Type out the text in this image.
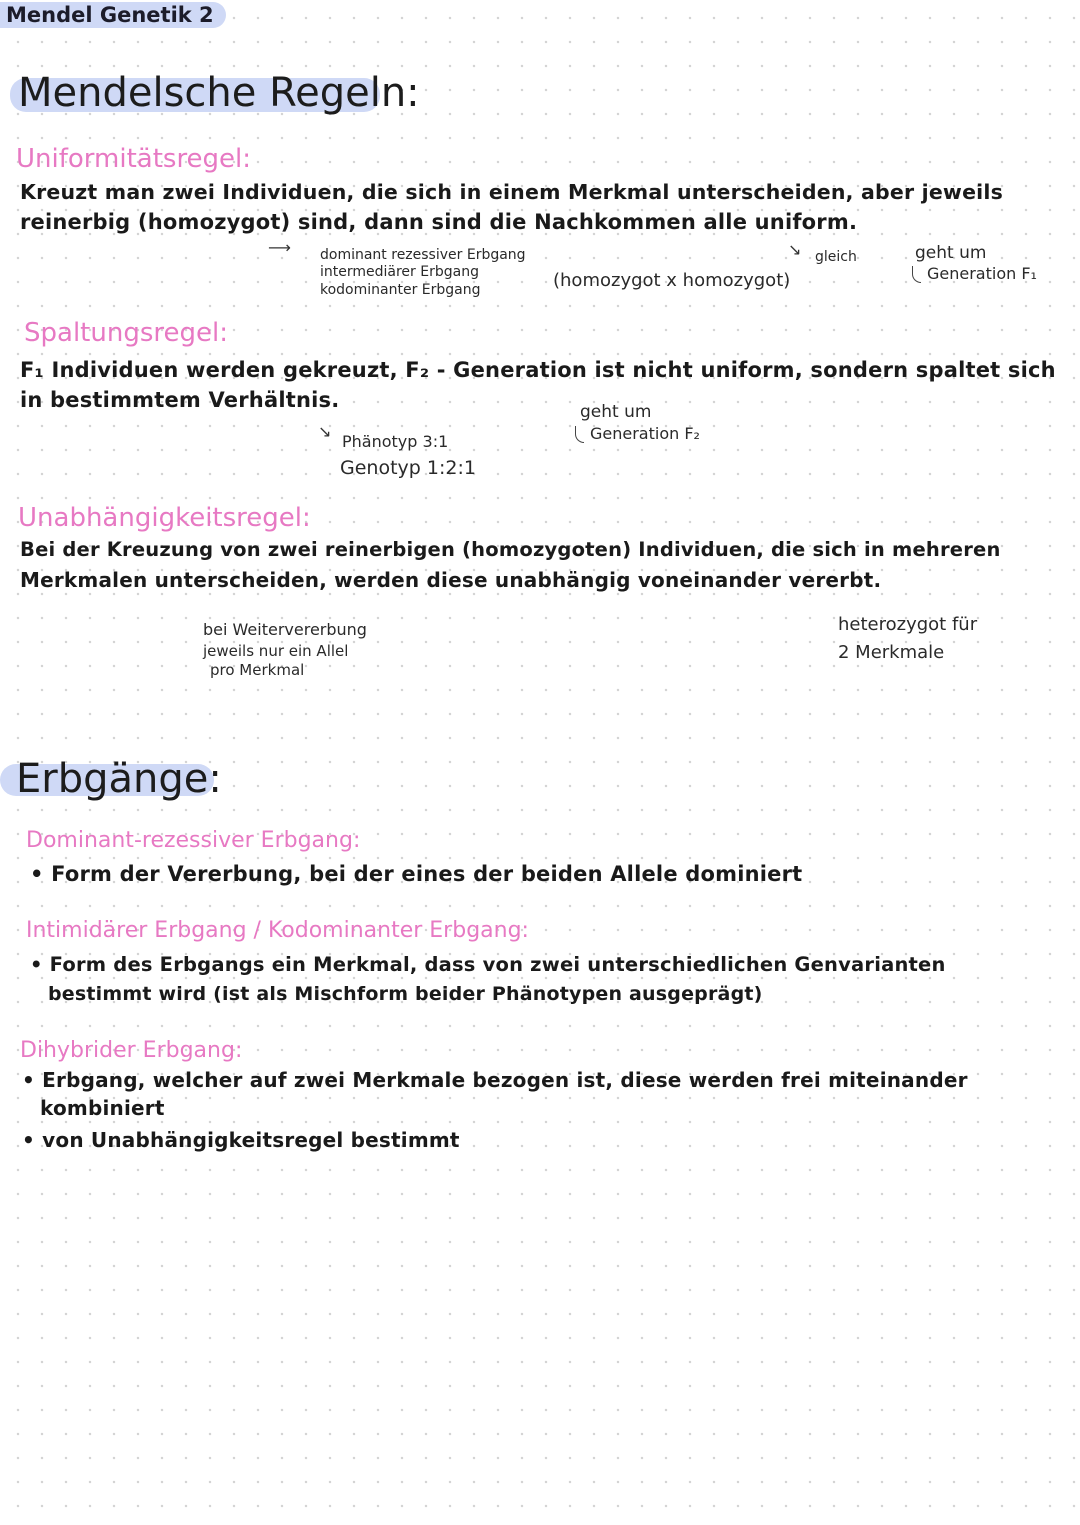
Mendel Genetik 2
Mendelsche Regeln:
Uniformitätsregel:
Kreuzt man zwei Individuen, die sich in einem Merkmal unterscheiden, aber jeweils
reinerbig (homozygot) sind, dann sind die Nachkommen alle uniform.
⟶ dominant rezessiver Erbgang
intermediärer Erbgang
kodominanter Erbgang
↘ gleich
(homozygot x homozygot)
geht um
Generation F₁
Spaltungsregel:
F₁ Individuen werden gekreuzt, F₂ - Generation ist nicht uniform, sondern spaltet sich
in bestimmtem Verhältnis.	geht um
Generation F₂
↘
Phänotyp 3:1
Genotyp 1:2:1
Unabhängigkeitsregel:
Bei der Kreuzung von zwei reinerbigen (homozygoten) Individuen, die sich in mehreren
Merkmalen unterscheiden, werden diese unabhängig voneinander vererbt.
bei Weitervererbung
jeweils nur ein Allel
pro Merkmal
heterozygot für
2 Merkmale
Erbgänge:
Dominant-rezessiver Erbgang:
• Form der Vererbung, bei der eines der beiden Allele dominiert
Intimidärer Erbgang / Kodominanter Erbgang:
• Form des Erbgangs ein Merkmal, dass von zwei unterschiedlichen Genvarianten
bestimmt wird (ist als Mischform beider Phänotypen ausgeprägt)
Dihybrider Erbgang:
• Erbgang, welcher auf zwei Merkmale bezogen ist, diese werden frei miteinander
kombiniert
• von Unabhängigkeitsregel bestimmt
